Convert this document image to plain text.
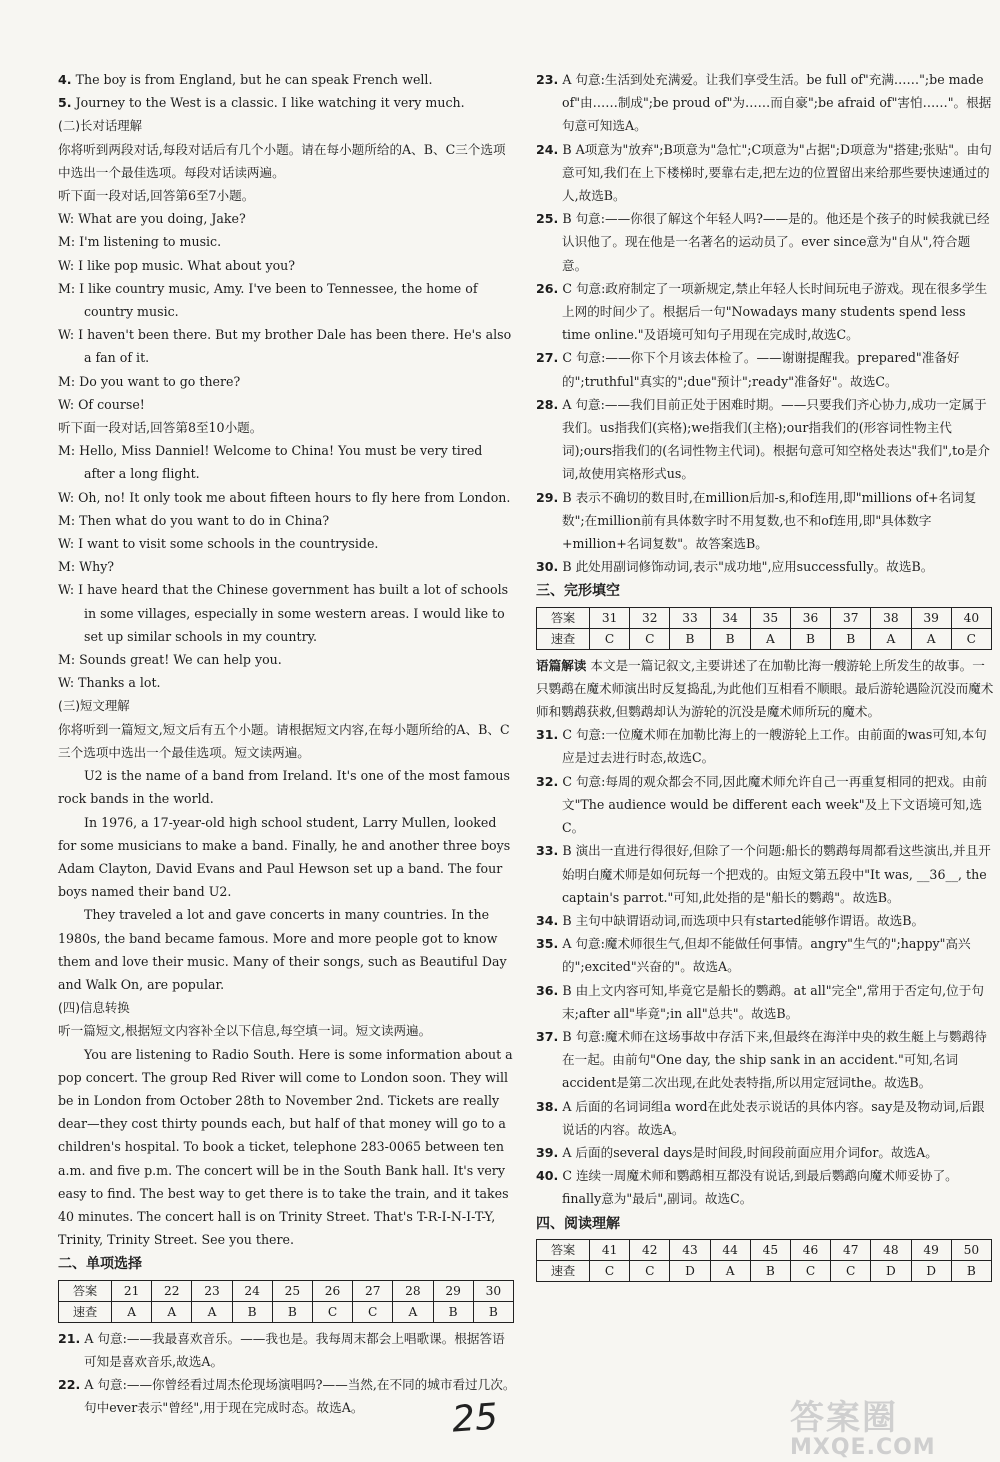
4. The boy is from England, but he can speak French well.

5. Journey to the West is a classic. I like watching it very much.

(二)长对话理解

你将听到两段对话,每段对话后有几个小题。请在每小题所给的A、B、C三个选项中选出一个最佳选项。每段对话读两遍。

听下面一段对话,回答第6至7小题。

W: What are you doing, Jake?

M: I'm listening to music.

W: I like pop music. What about you?

M: I like country music, Amy. I've been to Tennessee, the home of country music.

W: I haven't been there. But my brother Dale has been there. He's also a fan of it.

M: Do you want to go there?

W: Of course!

听下面一段对话,回答第8至10小题。

M: Hello, Miss Danniel! Welcome to China! You must be very tired after a long flight.

W: Oh, no! It only took me about fifteen hours to fly here from London.

M: Then what do you want to do in China?

W: I want to visit some schools in the countryside.

M: Why?

W: I have heard that the Chinese government has built a lot of schools in some villages, especially in some western areas. I would like to set up similar schools in my country.

M: Sounds great! We can help you.

W: Thanks a lot.

(三)短文理解

你将听到一篇短文,短文后有五个小题。请根据短文内容,在每小题所给的A、B、C三个选项中选出一个最佳选项。短文读两遍。

U2 is the name of a band from Ireland. It's one of the most famous rock bands in the world.

In 1976, a 17-year-old high school student, Larry Mullen, looked for some musicians to make a band. Finally, he and another three boys Adam Clayton, David Evans and Paul Hewson set up a band. The four boys named their band U2.

They traveled a lot and gave concerts in many countries. In the 1980s, the band became famous. More and more people got to know them and love their music. Many of their songs, such as Beautiful Day and Walk On, are popular.

(四)信息转换

听一篇短文,根据短文内容补全以下信息,每空填一词。短文读两遍。

You are listening to Radio South. Here is some information about a pop concert. The group Red River will come to London soon. They will be in London from October 28th to November 2nd. Tickets are really dear—they cost thirty pounds each, but half of that money will go to a children's hospital. To book a ticket, telephone 283-0065 between ten a.m. and five p.m. The concert will be in the South Bank hall. It's very easy to find. The best way to get there is to take the train, and it takes 40 minutes. The concert hall is on Trinity Street. That's T-R-I-N-I-T-Y, Trinity, Trinity Street. See you there.

二、单项选择

答案	21	22	23	24	25	26	27	28	29	30
速查	A	A	A	B	B	C	C	A	B	B

21. A 句意:——我最喜欢音乐。——我也是。我每周末都会上唱歌课。根据答语可知是喜欢音乐,故选A。

22. A 句意:——你曾经看过周杰伦现场演唱吗?——当然,在不同的城市看过几次。句中ever表示"曾经",用于现在完成时态。故选A。

23. A 句意:生活到处充满爱。让我们享受生活。be full of"充满……";be made of"由……制成";be proud of"为……而自豪";be afraid of"害怕……"。根据句意可知选A。

24. B A项意为"放弃";B项意为"急忙";C项意为"占据";D项意为"搭建;张贴"。由句意可知,我们在上下楼梯时,要靠右走,把左边的位置留出来给那些要快速通过的人,故选B。

25. B 句意:——你很了解这个年轻人吗?——是的。他还是个孩子的时候我就已经认识他了。现在他是一名著名的运动员了。ever since意为"自从",符合题意。

26. C 句意:政府制定了一项新规定,禁止年轻人长时间玩电子游戏。现在很多学生上网的时间少了。根据后一句"Nowadays many students spend less time online."及语境可知句子用现在完成时,故选C。

27. C 句意:——你下个月该去体检了。——谢谢提醒我。prepared"准备好的";truthful"真实的";due"预计";ready"准备好"。故选C。

28. A 句意:——我们目前正处于困难时期。——只要我们齐心协力,成功一定属于我们。us指我们(宾格);we指我们(主格);our指我们的(形容词性物主代词);ours指我们的(名词性物主代词)。根据句意可知空格处表达"我们",to是介词,故使用宾格形式us。

29. B 表示不确切的数目时,在million后加-s,和of连用,即"millions of+名词复数";在million前有具体数字时不用复数,也不和of连用,即"具体数字+million+名词复数"。故答案选B。

30. B 此处用副词修饰动词,表示"成功地",应用successfully。故选B。

三、完形填空

答案	31	32	33	34	35	36	37	38	39	40
速查	C	C	B	B	A	B	B	A	A	C

语篇解读 本文是一篇记叙文,主要讲述了在加勒比海一艘游轮上所发生的故事。一只鹦鹉在魔术师演出时反复捣乱,为此他们互相看不顺眼。最后游轮遇险沉没而魔术师和鹦鹉获救,但鹦鹉却认为游轮的沉没是魔术师所玩的魔术。

31. C 句意:一位魔术师在加勒比海上的一艘游轮上工作。由前面的was可知,本句应是过去进行时态,故选C。

32. C 句意:每周的观众都会不同,因此魔术师允许自己一再重复相同的把戏。由前文"The audience would be different each week"及上下文语境可知,选C。

33. B 演出一直进行得很好,但除了一个问题:船长的鹦鹉每周都看这些演出,并且开始明白魔术师是如何玩每一个把戏的。由短文第五段中"It was, __36__, the captain's parrot."可知,此处指的是"船长的鹦鹉"。故选B。

34. B 主句中缺谓语动词,而选项中只有started能够作谓语。故选B。

35. A 句意:魔术师很生气,但却不能做任何事情。angry"生气的";happy"高兴的";excited"兴奋的"。故选A。

36. B 由上文内容可知,毕竟它是船长的鹦鹉。at all"完全",常用于否定句,位于句末;after all"毕竟";in all"总共"。故选B。

37. B 句意:魔术师在这场事故中存活下来,但最终在海洋中央的救生艇上与鹦鹉待在一起。由前句"One day, the ship sank in an accident."可知,名词accident是第二次出现,在此处表特指,所以用定冠词the。故选B。

38. A 后面的名词词组a word在此处表示说话的具体内容。say是及物动词,后跟说话的内容。故选A。

39. A 后面的several days是时间段,时间段前面应用介词for。故选A。

40. C 连续一周魔术师和鹦鹉相互都没有说话,到最后鹦鹉向魔术师妥协了。finally意为"最后",副词。故选C。

四、阅读理解

答案	41	42	43	44	45	46	47	48	49	50
速查	C	C	D	A	B	C	C	D	D	B
25	答案圈
MXQE.COM
